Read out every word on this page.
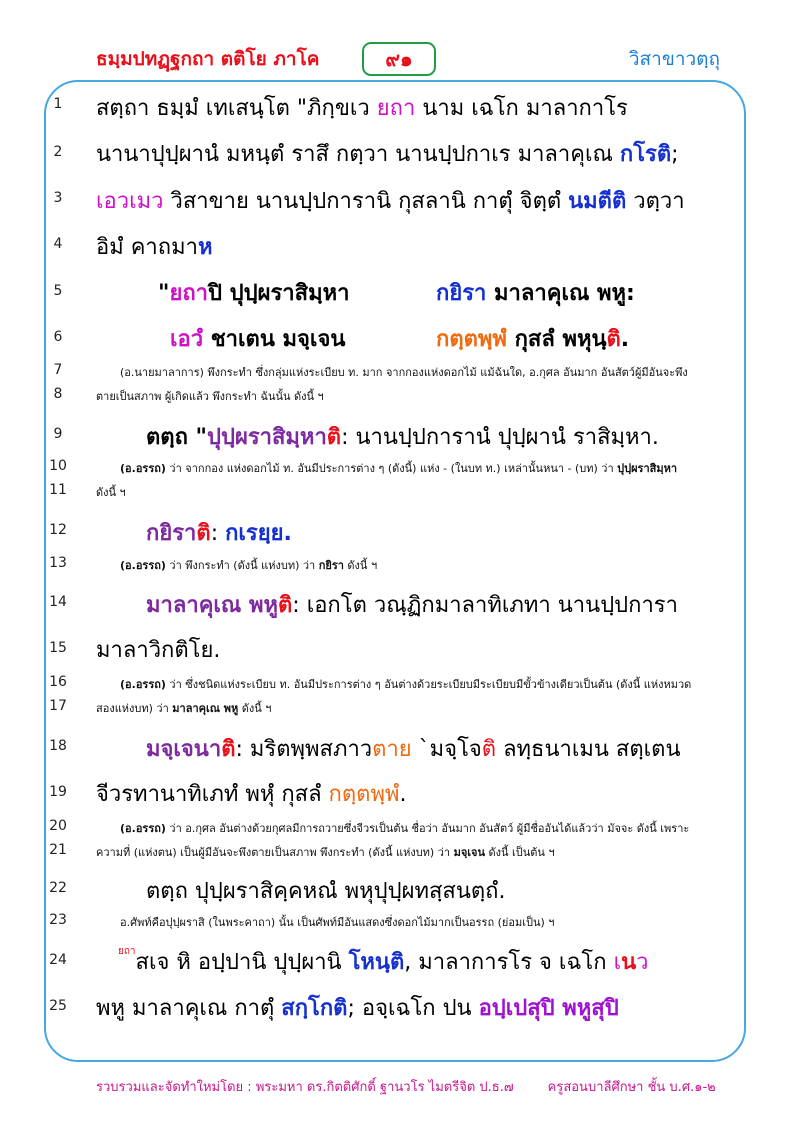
ธมฺมปทฏฺฐกถา ตติโย ภาโค	๙๑	วิสาขาวตฺถุ
1	สตฺถา ธมฺมํ เทเสนฺโต "ภิกฺขเว ยถา นาม เฉโก มาลากาโร
2	นานาปุปฺผานํ มหนฺตํ ราสึ กตฺวา นานปฺปกาเร มาลาคุเณ กโรติ;
3	เอวเมว วิสาขาย นานปฺปการานิ กุสลานิ กาตุํ จิตฺตํ นมตีติ วตฺวา
4	อิมํ คาถมาห
5	"ยถาปิ ปุปฺผราสิมฺหา	กยิรา มาลาคุเณ พหู:
6	เอวํ ชาเตน มจฺเจน	กตฺตพฺพํ กุสลํ พหุนฺติ.
7	(อ.นายมาลาการ) พึงกระทำ ซึ่งกลุ่มแห่งระเบียบ ท. มาก จากกองแห่งดอกไม้ แม้ฉันใด, อ.กุศล อันมาก อันสัตว์ผู้มีอันจะพึง
8	ตายเป็นสภาพ ผู้เกิดแล้ว พึงกระทำ ฉันนั้น ดังนี้ ฯ
9	ตตฺถ "ปุปฺผราสิมฺหาติ: นานปฺปการานํ ปุปฺผานํ ราสิมฺหา.
10	(อ.อรรถ) ว่า จากกอง แห่งดอกไม้ ท. อันมีประการต่าง ๆ (ดังนี้) แห่ง - (ในบท ท.) เหล่านั้นหนา - (บท) ว่า ปุปฺผราสิมฺหา
11	ดังนี้ ฯ
12	กยิราติ: กเรยฺย.
13	(อ.อรรถ) ว่า พึงกระทำ (ดังนี้ แห่งบท) ว่า กยิรา ดังนี้ ฯ
14	มาลาคุเณ พหูติ: เอกโต วณฺฏิกมาลาทิเภทา นานปฺปการา
15	มาลาวิกติโย.
16	(อ.อรรถ) ว่า ซึ่งชนิดแห่งระเบียบ ท. อันมีประการต่าง ๆ อันต่างด้วยระเบียบมีระเบียบมีขั้วข้างเดียวเป็นต้น (ดังนี้ แห่งหมวด
17	สองแห่งบท) ว่า มาลาคุเณ พหู ดังนี้ ฯ
18	มจฺเจนาติ: มริตพฺพสภาวตาย `มจฺโจติ ลทฺธนาเมน สตฺเตน
19	จีวรทานาทิเภทํ พหุํ กุสลํ กตฺตพฺพํ.
20	(อ.อรรถ) ว่า อ.กุศล อันต่างด้วยกุศลมีการถวายซึ่งจีวรเป็นต้น ชื่อว่า อันมาก อันสัตว์ ผู้มีชื่ออันได้แล้วว่า มัจจะ ดังนี้ เพราะ
21	ความที่ (แห่งตน) เป็นผู้มีอันจะพึงตายเป็นสภาพ พึงกระทำ (ดังนี้ แห่งบท) ว่า มจฺเจน ดังนี้ เป็นต้น ฯ
22	ตตฺถ ปุปฺผราสิคฺคหณํ พหุปุปฺผทสฺสนตฺถํ.
23	อ.ศัพท์คือปุปฺผราสิ (ในพระคาถา) นั้น เป็นศัพท์มีอันแสดงซึ่งดอกไม้มากเป็นอรรถ (ย่อมเป็น) ฯ
24
$^{ยถา}$สเจ หิ อปฺปานิ ปุปฺผานิ โหนฺติ, มาลาการโร จ เฉโก เนว
25	พหู มาลาคุเณ กาตุํ สกฺโกติ; อจฺเฉโก ปน อปฺเปสุปิ พหูสุปิ
รวบรวมและจัดทำใหม่โดย : พระมหา ดร.กิตติศักดิ์ ฐานวโร ไมตรีจิต ป.ธ.๗	ครูสอนบาลีศึกษา ชั้น บ.ศ.๑-๒
